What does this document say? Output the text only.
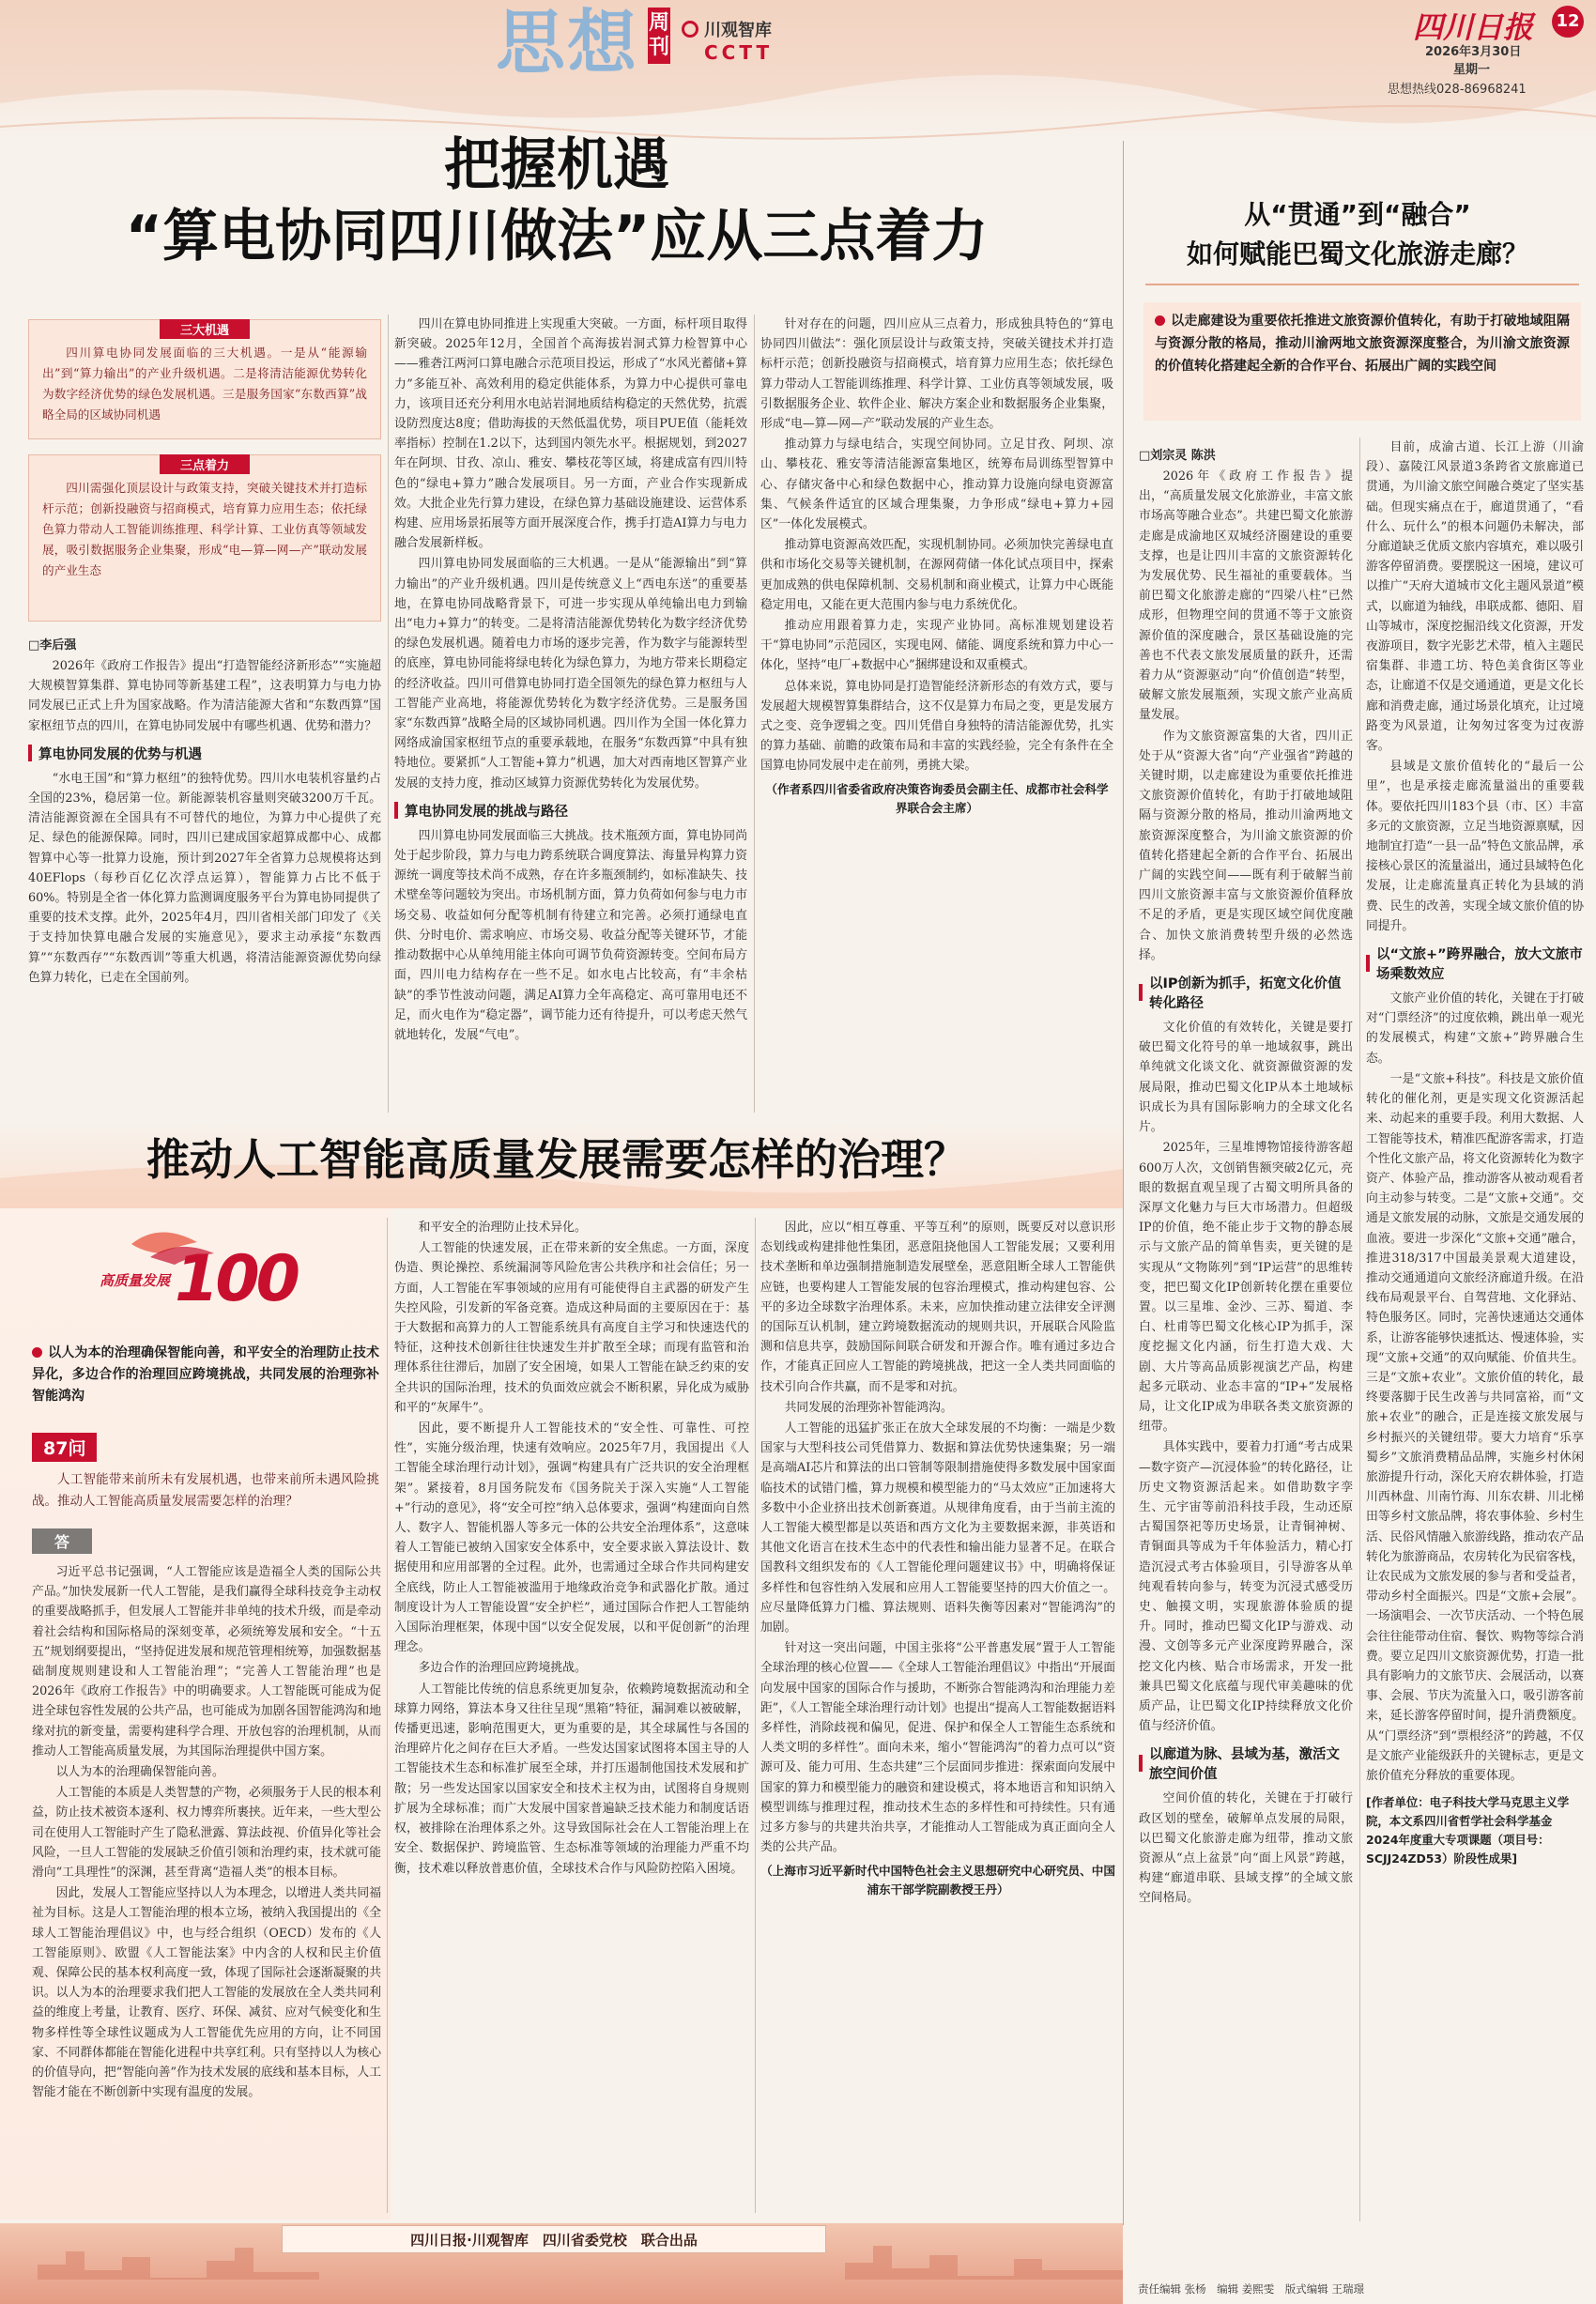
思想 周刊
川观智库
CCTT
四川日报 12
2026年3月30日
星期一
思想热线028-86968241
把握机遇
“算电协同四川做法”应从三点着力
三大机遇
四川算电协同发展面临的三大机遇。一是从“能源输出”到“算力输出”的产业升级机遇。二是将清洁能源优势转化为数字经济优势的绿色发展机遇。三是服务国家“东数西算”战略全局的区域协同机遇
三点着力
四川需强化顶层设计与政策支持，突破关键技术并打造标杆示范；创新投融资与招商模式，培育算力应用生态；依托绿色算力带动人工智能训练推理、科学计算、工业仿真等领域发展，吸引数据服务企业集聚，形成“电—算—网—产”联动发展的产业生态
□李后强
2026年《政府工作报告》提出“打造智能经济新形态”“实施超大规模智算集群、算电协同等新基建工程”，这表明算力与电力协同发展已正式上升为国家战略。作为清洁能源大省和“东数西算”国家枢纽节点的四川，在算电协同发展中有哪些机遇、优势和潜力？
算电协同发展的优势与机遇
“水电王国”和“算力枢纽”的独特优势。四川水电装机容量约占全国的23%，稳居第一位。新能源装机容量则突破3200万千瓦。清洁能源资源在全国具有不可替代的地位，为算力中心提供了充足、绿色的能源保障。同时，四川已建成国家超算成都中心、成都智算中心等一批算力设施，预计到2027年全省算力总规模将达到40EFlops（每秒百亿亿次浮点运算），智能算力占比不低于60%。特别是全省一体化算力监测调度服务平台为算电协同提供了重要的技术支撑。此外，2025年4月，四川省相关部门印发了《关于支持加快算电融合发展的实施意见》，要求主动承接“东数西算”“东数西存”“东数西训”等重大机遇，将清洁能源资源优势向绿色算力转化，已走在全国前列。
四川在算电协同推进上实现重大突破。一方面，标杆项目取得新突破。2025年12月，全国首个高海拔岩洞式算力检智算中心——雅砻江两河口算电融合示范项目投运，形成了“水风光蓄储+算力”多能互补、高效利用的稳定供能体系，为算力中心提供可靠电力，该项目还充分利用水电站岩洞地质结构稳定的天然优势，抗震设防烈度达8度；借助海拔的天然低温优势，项目PUE值（能耗效率指标）控制在1.2以下，达到国内领先水平。根据规划，到2027年在阿坝、甘孜、凉山、雅安、攀枝花等区域，将建成富有四川特色的“绿电+算力”融合发展项目。另一方面，产业合作实现新成效。大批企业先行算力建设，在绿色算力基础设施建设、运营体系构建、应用场景拓展等方面开展深度合作，携手打造AI算力与电力融合发展新样板。
四川算电协同发展面临的三大机遇。一是从“能源输出”到“算力输出”的产业升级机遇。四川是传统意义上“西电东送”的重要基地，在算电协同战略背景下，可进一步实现从单纯输出电力到输出“电力+算力”的转变。二是将清洁能源优势转化为数字经济优势的绿色发展机遇。随着电力市场的逐步完善，作为数字与能源转型的底座，算电协同能将绿电转化为绿色算力，为地方带来长期稳定的经济收益。四川可借算电协同打造全国领先的绿色算力枢纽与人工智能产业高地，将能源优势转化为数字经济优势。三是服务国家“东数西算”战略全局的区域协同机遇。四川作为全国一体化算力网络成渝国家枢纽节点的重要承载地，在服务“东数西算”中具有独特地位。要紧抓“人工智能+算力”机遇，加大对西南地区智算产业发展的支持力度，推动区域算力资源优势转化为发展优势。
算电协同发展的挑战与路径
四川算电协同发展面临三大挑战。技术瓶颈方面，算电协同尚处于起步阶段，算力与电力跨系统联合调度算法、海量异构算力资源统一调度等技术尚不成熟，存在许多瓶颈制约，如标准缺失、技术壁垒等问题较为突出。市场机制方面，算力负荷如何参与电力市场交易、收益如何分配等机制有待建立和完善。必须打通绿电直供、分时电价、需求响应、市场交易、收益分配等关键环节，才能推动数据中心从单纯用能主体向可调节负荷资源转变。空间布局方面，四川电力结构存在一些不足。如水电占比较高，有“丰余枯缺”的季节性波动问题，满足AI算力全年高稳定、高可靠用电还不足，而火电作为“稳定器”，调节能力还有待提升，可以考虑天然气就地转化，发展“气电”。
针对存在的问题，四川应从三点着力，形成独具特色的“算电协同四川做法”：强化顶层设计与政策支持，突破关键技术并打造标杆示范；创新投融资与招商模式，培育算力应用生态；依托绿色算力带动人工智能训练推理、科学计算、工业仿真等领域发展，吸引数据服务企业、软件企业、解决方案企业和数据服务企业集聚，形成“电—算—网—产”联动发展的产业生态。
推动算力与绿电结合，实现空间协同。立足甘孜、阿坝、凉山、攀枝花、雅安等清洁能源富集地区，统筹布局训练型智算中心、存储灾备中心和绿色数据中心，推动算力设施向绿电资源富集、气候条件适宜的区域合理集聚，力争形成“绿电+算力+园区”一体化发展模式。
推动算电资源高效匹配，实现机制协同。必须加快完善绿电直供和市场化交易等关键机制，在源网荷储一体化试点项目中，探索更加成熟的供电保障机制、交易机制和商业模式，让算力中心既能稳定用电，又能在更大范围内参与电力系统优化。
推动应用跟着算力走，实现产业协同。高标准规划建设若干“算电协同”示范园区，实现电网、储能、调度系统和算力中心一体化，坚持“电厂+数据中心”捆绑建设和双重模式。
总体来说，算电协同是打造智能经济新形态的有效方式，要与发展超大规模智算集群结合，这不仅是算力布局之变，更是发展方式之变、竞争逻辑之变。四川凭借自身独特的清洁能源优势，扎实的算力基础、前瞻的政策布局和丰富的实践经验，完全有条件在全国算电协同发展中走在前列，勇挑大梁。
（作者系四川省委省政府决策咨询委员会副主任、成都市社会科学界联合会主席）
从“贯通”到“融合”
如何赋能巴蜀文化旅游走廊？
以走廊建设为重要依托推进文旅资源价值转化，有助于打破地域阻隔与资源分散的格局，推动川渝两地文旅资源深度整合，为川渝文旅资源的价值转化搭建起全新的合作平台、拓展出广阔的实践空间
□刘宗灵 陈洪
2026年《政府工作报告》提出，“高质量发展文化旅游业，丰富文旅市场高等融合业态”。共建巴蜀文化旅游走廊是成渝地区双城经济圈建设的重要支撑，也是让四川丰富的文旅资源转化为发展优势、民生福祉的重要载体。当前巴蜀文化旅游走廊的“四梁八柱”已然成形，但物理空间的贯通不等于文旅资源价值的深度融合，景区基础设施的完善也不代表文旅发展质量的跃升，还需着力从“资源驱动”向“价值创造”转型，破解文旅发展瓶颈，实现文旅产业高质量发展。
作为文旅资源富集的大省，四川正处于从“资源大省”向“产业强省”跨越的关键时期，以走廊建设为重要依托推进文旅资源价值转化，有助于打破地域阻隔与资源分散的格局，推动川渝两地文旅资源深度整合，为川渝文旅资源的价值转化搭建起全新的合作平台、拓展出广阔的实践空间——既有利于破解当前四川文旅资源丰富与文旅资源价值释放不足的矛盾，更是实现区域空间优度融合、加快文旅消费转型升级的必然选择。
以IP创新为抓手，拓宽文化价值转化路径
文化价值的有效转化，关键是要打破巴蜀文化符号的单一地域叙事，跳出单纯就文化谈文化、就资源做资源的发展局限，推动巴蜀文化IP从本土地域标识成长为具有国际影响力的全球文化名片。
2025年，三星堆博物馆接待游客超600万人次，文创销售额突破2亿元，亮眼的数据直观呈现了古蜀文明所具备的深厚文化魅力与巨大市场潜力。但超级IP的价值，绝不能止步于文物的静态展示与文旅产品的简单售卖，更关键的是实现从“文物陈列”到“IP运营”的思维转变，把巴蜀文化IP创新转化摆在重要位置。以三星堆、金沙、三苏、蜀道、李白、杜甫等巴蜀文化核心IP为抓手，深度挖掘文化内涵，衍生打造大戏、大剧、大片等高品质影视演艺产品，构建起多元联动、业态丰富的“IP+”发展格局，让文化IP成为串联各类文旅资源的纽带。
具体实践中，要着力打通“考古成果—数字资产—沉浸体验”的转化路径，让历史文物资源活起来。如借助数字孪生、元宇宙等前沿科技手段，生动还原古蜀国祭祀等历史场景，让青铜神树、青铜面具等成为千年体验活力，精心打造沉浸式考古体验项目，引导游客从单纯观看转向参与，转变为沉浸式感受历史、触摸文明，实现旅游体验质的提升。同时，推动巴蜀文化IP与游戏、动漫、文创等多元产业深度跨界融合，深挖文化内核、贴合市场需求，开发一批兼具巴蜀文化底蕴与现代审美趣味的优质产品，让巴蜀文化IP持续释放文化价值与经济价值。
以廊道为脉、县域为基，激活文旅空间价值
空间价值的转化，关键在于打破行政区划的壁垒，破解单点发展的局限，以巴蜀文化旅游走廊为纽带，推动文旅资源从“点上盆景”向“面上风景”跨越，构建“廊道串联、县域支撑”的全域文旅空间格局。
目前，成渝古道、长江上游（川渝段）、嘉陵江风景道3条跨省文旅廊道已贯通，为川渝文旅空间融合奠定了坚实基础。但现实痛点在于，廊道贯通了，“看什么、玩什么”的根本问题仍未解决，部分廊道缺乏优质文旅内容填充，难以吸引游客停留消费。要摆脱这一困境，建议可以推广“天府大道城市文化主题风景道”模式，以廊道为轴线，串联成都、德阳、眉山等城市，深度挖掘沿线文化资源，开发夜游项目，数字光影艺术带，植入主题民宿集群、非遗工坊、特色美食街区等业态，让廊道不仅是交通通道，更是文化长廊和消费走廊，通过场景化填充，让过境路变为风景道，让匆匆过客变为过夜游客。
县域是文旅价值转化的“最后一公里”，也是承接走廊流量溢出的重要载体。要依托四川183个县（市、区）丰富多元的文旅资源，立足当地资源禀赋，因地制宜打造“一县一品”特色文旅品牌，承接核心景区的流量溢出，通过县域特色化发展，让走廊流量真正转化为县域的消费、民生的改善，实现全域文旅价值的协同提升。
以“文旅+”跨界融合，放大文旅市场乘数效应
文旅产业价值的转化，关键在于打破对“门票经济”的过度依赖，跳出单一观光的发展模式，构建“文旅+”跨界融合生态。
一是“文旅+科技”。科技是文旅价值转化的催化剂，更是实现文化资源活起来、动起来的重要手段。利用大数据、人工智能等技术，精准匹配游客需求，打造个性化文旅产品，将文化资源转化为数字资产、体验产品，推动游客从被动观看者向主动参与转变。二是“文旅+交通”。交通是文旅发展的动脉，文旅是交通发展的血液。要进一步深化“文旅+交通”融合，推进318/317中国最美景观大道建设，推动交通通道向文旅经济廊道升级。在沿线布局观景平台、自驾营地、文化驿站、特色服务区。同时，完善快速通达交通体系，让游客能够快速抵达、慢速体验，实现“文旅+交通”的双向赋能、价值共生。三是“文旅+农业”。文旅价值的转化，最终要落脚于民生改善与共同富裕，而“文旅+农业”的融合，正是连接文旅发展与乡村振兴的关键纽带。要大力培育“乐享蜀乡”文旅消费精品品牌，实施乡村休闲旅游提升行动，深化天府农耕体验，打造川西林盘、川南竹海、川东农耕、川北梯田等乡村文旅品牌，将农事体验、乡村生活、民俗风情融入旅游线路，推动农产品转化为旅游商品，农房转化为民宿客栈，让农民成为文旅发展的参与者和受益者，带动乡村全面振兴。四是“文旅+会展”。一场演唱会、一次节庆活动、一个特色展会往往能带动住宿、餐饮、购物等综合消费。要立足四川文旅资源优势，打造一批具有影响力的文旅节庆、会展活动，以赛事、会展、节庆为流量入口，吸引游客前来，延长游客停留时间，提升消费额度。从“门票经济”到“票根经济”的跨越，不仅是文旅产业能级跃升的关键标志，更是文旅价值充分释放的重要体现。
[作者单位：电子科技大学马克思主义学院，本文系四川省哲学社会科学基金2024年度重大专项课题（项目号：SCJJ24ZD53）阶段性成果]
推动人工智能高质量发展需要怎样的治理？
高质量发展 100
以人为本的治理确保智能向善，和平安全的治理防止技术异化，多边合作的治理回应跨境挑战，共同发展的治理弥补智能鸿沟
87问
人工智能带来前所未有发展机遇，也带来前所未遇风险挑战。推动人工智能高质量发展需要怎样的治理？
答
习近平总书记强调，“人工智能应该是造福全人类的国际公共产品。”加快发展新一代人工智能，是我们赢得全球科技竞争主动权的重要战略抓手，但发展人工智能并非单纯的技术升级，而是牵动着社会结构和国际格局的深刻变革，必须统筹发展和安全。“十五五”规划纲要提出，“坚持促进发展和规范管理相统筹，加强数据基础制度规则建设和人工智能治理”；“完善人工智能治理”也是2026年《政府工作报告》中的明确要求。人工智能既可能成为促进全球包容性发展的公共产品，也可能成为加剧各国智能鸿沟和地缘对抗的新变量，需要构建科学合理、开放包容的治理机制，从而推动人工智能高质量发展，为其国际治理提供中国方案。
以人为本的治理确保智能向善。
人工智能的本质是人类智慧的产物，必须服务于人民的根本利益，防止技术被资本逐利、权力博弈所裹挟。近年来，一些大型公司在使用人工智能时产生了隐私泄露、算法歧视、价值异化等社会风险，一旦人工智能的发展缺乏价值引领和治理约束，技术就可能滑向“工具理性”的深渊，甚至背离“造福人类”的根本目标。
因此，发展人工智能应坚持以人为本理念，以增进人类共同福祉为目标。这是人工智能治理的根本立场，被纳入我国提出的《全球人工智能治理倡议》中，也与经合组织（OECD）发布的《人工智能原则》、欧盟《人工智能法案》中内含的人权和民主价值观、保障公民的基本权利高度一致，体现了国际社会逐渐凝聚的共识。以人为本的治理要求我们把人工智能的发展放在全人类共同利益的维度上考量，让教育、医疗、环保、减贫、应对气候变化和生物多样性等全球性议题成为人工智能优先应用的方向，让不同国家、不同群体都能在智能化进程中共享红利。只有坚持以人为核心的价值导向，把“智能向善”作为技术发展的底线和基本目标，人工智能才能在不断创新中实现有温度的发展。
和平安全的治理防止技术异化。
人工智能的快速发展，正在带来新的安全焦虑。一方面，深度伪造、舆论操控、系统漏洞等风险危害公共秩序和社会信任；另一方面，人工智能在军事领域的应用有可能使得自主武器的研发产生失控风险，引发新的军备竞赛。造成这种局面的主要原因在于：基于大数据和高算力的人工智能系统具有高度自主学习和快速迭代的特征，这种技术创新往往快速发生并扩散至全球；而现有监管和治理体系往往滞后，加剧了安全困境，如果人工智能在缺乏约束的安全共识的国际治理，技术的负面效应就会不断积累，异化成为威胁和平的“灰犀牛”。
因此，要不断提升人工智能技术的“安全性、可靠性、可控性”，实施分级治理，快速有效响应。2025年7月，我国提出《人工智能全球治理行动计划》，强调“构建具有广泛共识的安全治理框架”。紧接着，8月国务院发布《国务院关于深入实施“人工智能+”行动的意见》，将“安全可控”纳入总体要求，强调“构建面向自然人、数字人、智能机器人等多元一体的公共安全治理体系”，这意味着人工智能已被纳入国家安全体系中，安全要求嵌入算法设计、数据使用和应用部署的全过程。此外，也需通过全球合作共同构建安全底线，防止人工智能被滥用于地缘政治竞争和武器化扩散。通过制度设计为人工智能设置“安全护栏”，通过国际合作把人工智能纳入国际治理框架，体现中国“以安全促发展，以和平促创新”的治理理念。
多边合作的治理回应跨境挑战。
人工智能比传统的信息系统更加复杂，依赖跨境数据流动和全球算力网络，算法本身又往往呈现“黑箱”特征，漏洞难以被破解，传播更迅速，影响范围更大，更为重要的是，其全球属性与各国的治理碎片化之间存在巨大矛盾。一些发达国家试图将本国主导的人工智能技术生态和标准扩展至全球，并打压遏制他国技术发展和扩散；另一些发达国家以国家安全和技术主权为由，试图将自身规则扩展为全球标准；而广大发展中国家普遍缺乏技术能力和制度话语权，被排除在治理体系之外。这导致国际社会在人工智能治理上在安全、数据保护、跨境监管、生态标准等领域的治理能力严重不均衡，技术难以释放普惠价值，全球技术合作与风险防控陷入困境。
因此，应以“相互尊重、平等互利”的原则，既要反对以意识形态划线或构建排他性集团，恶意阻挠他国人工智能发展；又要利用技术垄断和单边强制措施制造发展壁垒，恶意阻断全球人工智能供应链，也要构建人工智能发展的包容治理模式，推动构建包容、公平的多边全球数字治理体系。未来，应加快推动建立法律安全评测的国际互认机制，建立跨境数据流动的规则共识，开展联合风险监测和信息共享，鼓励国际间联合研发和开源合作。唯有通过多边合作，才能真正回应人工智能的跨境挑战，把这一全人类共同面临的技术引向合作共赢，而不是零和对抗。
共同发展的治理弥补智能鸿沟。
人工智能的迅猛扩张正在放大全球发展的不均衡：一端是少数国家与大型科技公司凭借算力、数据和算法优势快速集聚；另一端是高端AI芯片和算法的出口管制等限制措施使得多数发展中国家面临技术的试错门槛，算力规模和模型能力的“马太效应”正加速将大多数中小企业挤出技术创新赛道。从规律角度看，由于当前主流的人工智能大模型都是以英语和西方文化为主要数据来源，非英语和其他文化语言在技术生态中的代表性和输出能力显著不足。在联合国教科文组织发布的《人工智能伦理问题建议书》中，明确将保证多样性和包容性纳入发展和应用人工智能要坚持的四大价值之一。应尽量降低算力门槛、算法规则、语料失衡等因素对“智能鸿沟”的加剧。
针对这一突出问题，中国主张将“公平普惠发展”置于人工智能全球治理的核心位置——《全球人工智能治理倡议》中指出“开展面向发展中国家的国际合作与援助，不断弥合智能鸿沟和治理能力差距”，《人工智能全球治理行动计划》也提出“提高人工智能数据语料多样性，消除歧视和偏见，促进、保护和保全人工智能生态系统和人类文明的多样性”。面向未来，缩小“智能鸿沟”的着力点可以“资源可及、能力可用、生态共建”三个层面同步推进：探索面向发展中国家的算力和模型能力的融资和建设模式，将本地语言和知识纳入模型训练与推理过程，推动技术生态的多样性和可持续性。只有通过多方参与的共建共治共享，才能推动人工智能成为真正面向全人类的公共产品。
（上海市习近平新时代中国特色社会主义思想研究中心研究员、中国浦东干部学院副教授王丹）
四川日报·川观智库　四川省委党校　联合出品
责任编辑 张杨　编辑 姜熙雯　版式编辑 王瑞璟
